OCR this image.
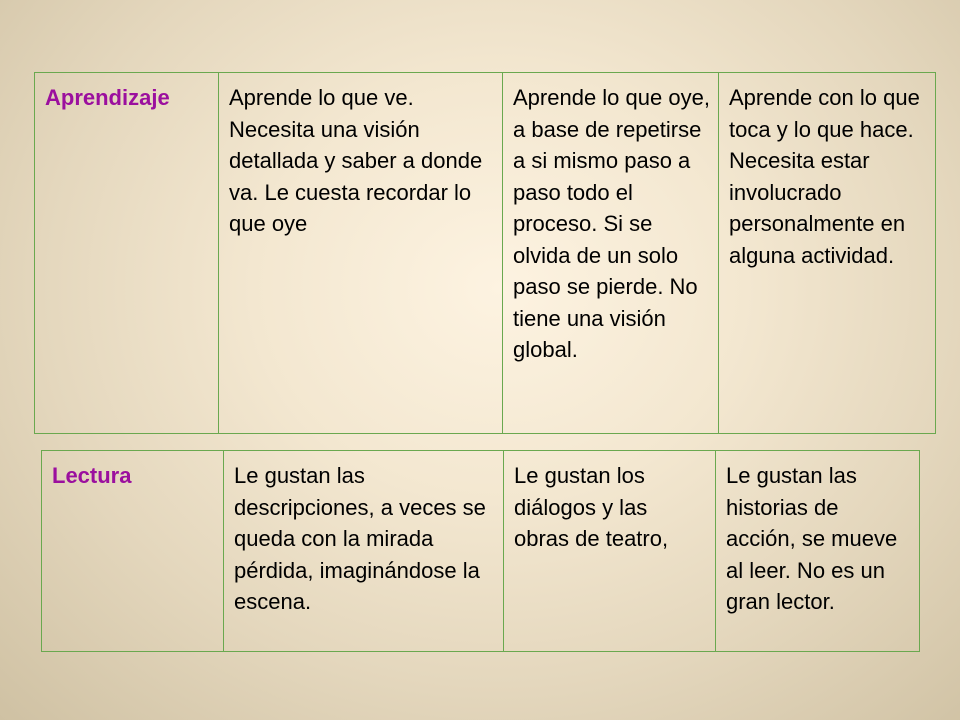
Aprendizaje	Aprende lo que ve. Necesita una visión detallada y saber a donde va. Le cuesta recordar lo que oye	Aprende lo que oye, a base de repetirse a si mismo paso a paso todo el proceso. Si se olvida de un solo paso se pierde. No tiene una visión global.	Aprende con lo que toca y lo que hace. Necesita estar involucrado personalmente en alguna actividad.
Lectura	Le gustan las descripciones, a veces se queda con la mirada pérdida, imaginándose la escena.	Le gustan los diálogos y las obras de teatro,	Le gustan las historias de acción, se mueve al leer. No es un gran lector.
